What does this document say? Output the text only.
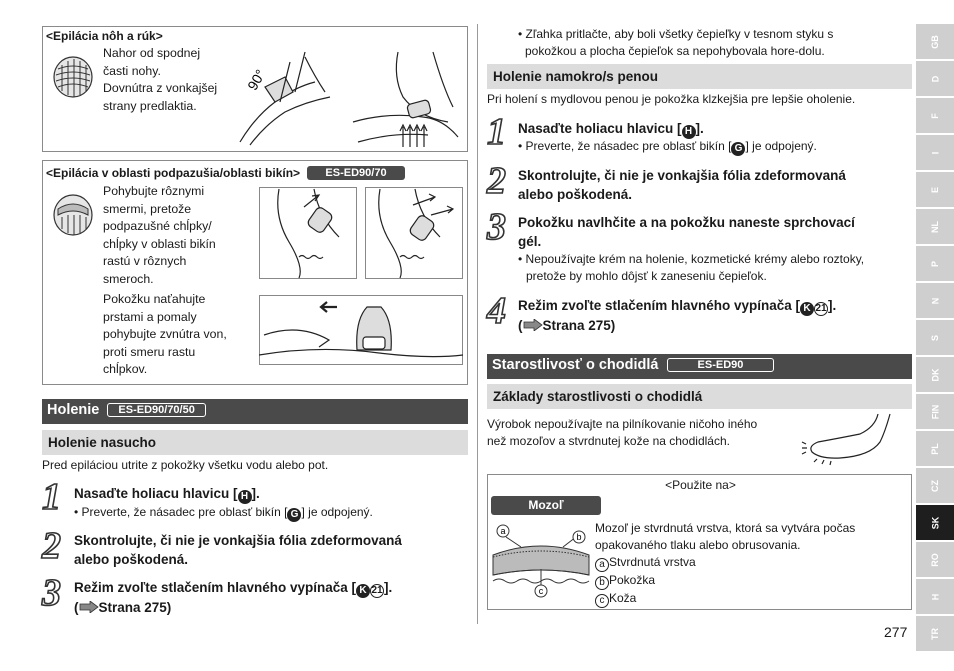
<Epilácia nôh a rúk>
Nahor od spodnej
časti nohy.
Dovnútra z vonkajšej
strany predlaktia.
90°
<Epilácia v oblasti podpazušia/oblasti bikín> ES-ED90/70
Pohybujte rôznymi
smermi, pretože
podpazušné chĺpky/
chĺpky v oblasti bikín
rastú v rôznych
smeroch.
Pokožku naťahujte
prstami a pomaly
pohybujte zvnútra von,
proti smeru rastu
chĺpkov.
Holenie ES-ED90/70/50
Holenie nasucho
Pred epiláciou utrite z pokožky všetku vodu alebo pot.
1 Nasaďte holiacu hlavicu [ H ].
• Preverte, že násadec pre oblasť bikín [ G ] je odpojený.
2 Skontrolujte, či nie je vonkajšia fólia zdeformovaná
alebo poškodená.
3 Režim zvoľte stlačením hlavného vypínača [ K 21].
( Strana 275)
• Zľahka pritlačte, aby boli všetky čepieľky v tesnom styku s
pokožkou a plocha čepieľok sa nepohybovala hore-dolu.
Holenie namokro/s penou
Pri holení s mydlovou penou je pokožka klzkejšia pre lepšie oholenie.
1 Nasaďte holiacu hlavicu [ H ].
• Preverte, že násadec pre oblasť bikín [ G ] je odpojený.
2 Skontrolujte, či nie je vonkajšia fólia zdeformovaná
alebo poškodená.
3 Pokožku navlhčite a na pokožku naneste sprchovací
gél.
• Nepoužívajte krém na holenie, kozmetické krémy alebo roztoky,
pretože by mohlo dôjsť k zaneseniu čepieľok.
4 Režim zvoľte stlačením hlavného vypínača [ K 21].
( Strana 275)
Starostlivosť o chodidlá	ES-ED90
Základy starostlivosti o chodidlá
Výrobok nepoužívajte na pilníkovanie ničoho iného
než mozoľov a stvrdnutej kože na chodidlách.
<Použite na>
Mozoľ
a
b
c
Mozoľ je stvrdnutá vrstva, ktorá sa vytvára počas
opakovaného tlaku alebo obrusovania.
a Stvrdnutá vrstva
b Pokožka
c Koža
GB
D
F
I
E
NL
P
N
S
DK
FIN
PL
CZ
SK
RO
H
TR
277
